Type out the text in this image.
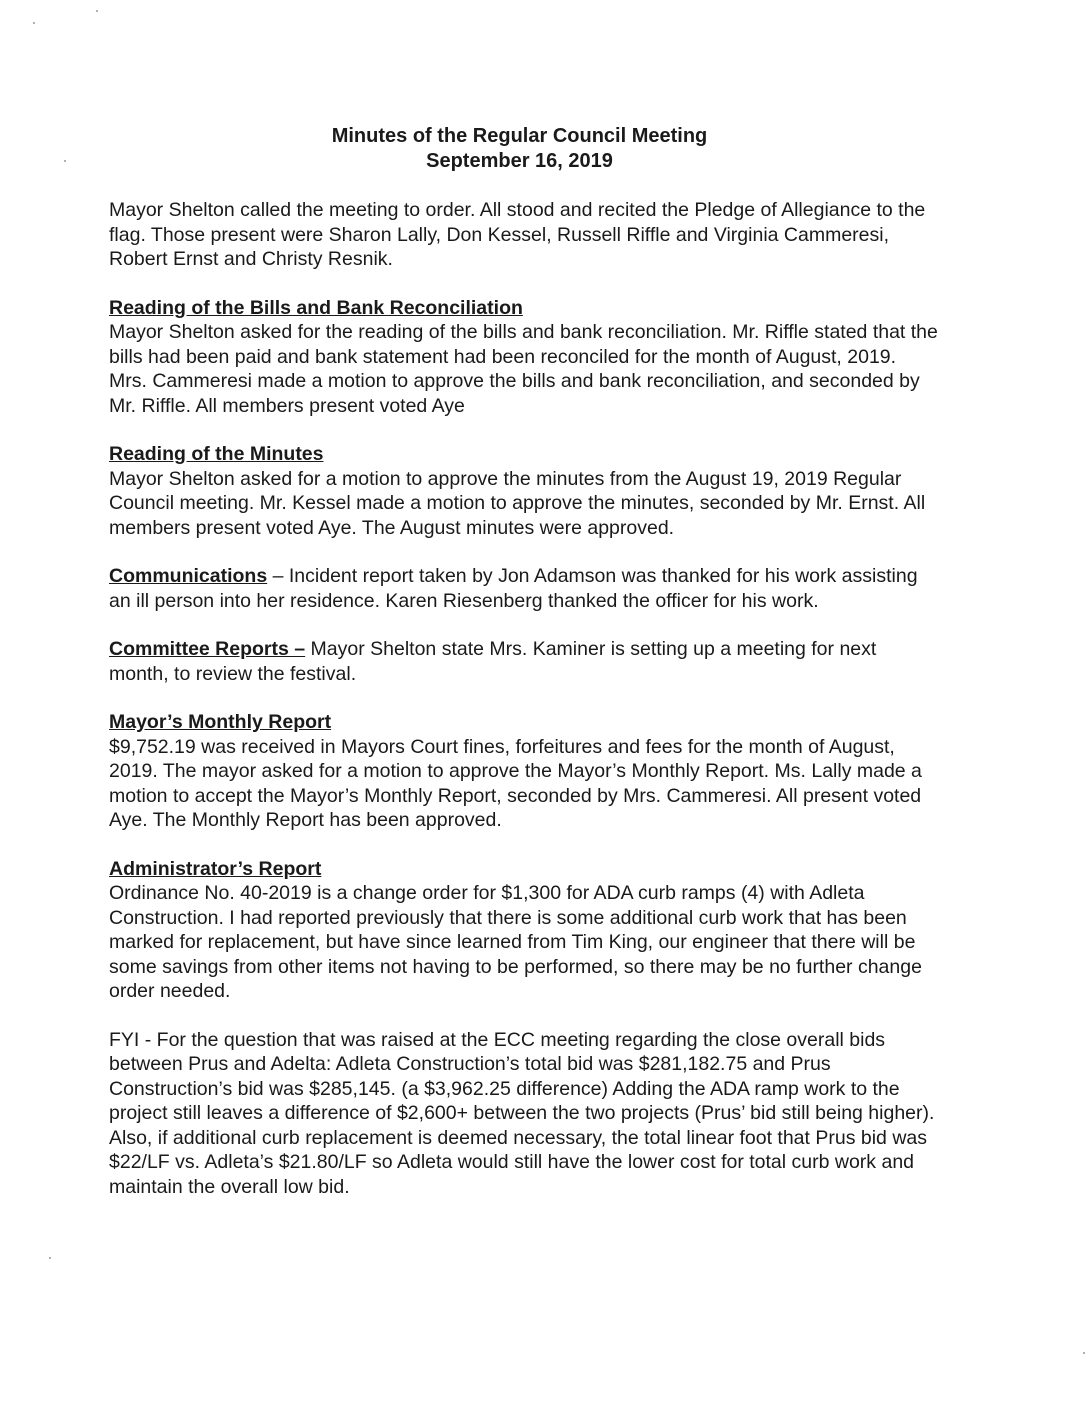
Minutes of the Regular Council Meeting
September 16, 2019

Mayor Shelton called the meeting to order. All stood and recited the Pledge of Allegiance to the flag. Those present were Sharon Lally, Don Kessel, Russell Riffle and Virginia Cammeresi, Robert Ernst and Christy Resnik.

Reading of the Bills and Bank Reconciliation
Mayor Shelton asked for the reading of the bills and bank reconciliation. Mr. Riffle stated that the bills had been paid and bank statement had been reconciled for the month of August, 2019. Mrs. Cammeresi made a motion to approve the bills and bank reconciliation, and seconded by Mr. Riffle. All members present voted Aye
Reading of the Minutes
Mayor Shelton asked for a motion to approve the minutes from the August 19, 2019 Regular Council meeting. Mr. Kessel made a motion to approve the minutes, seconded by Mr. Ernst. All members present voted Aye. The August minutes were approved.
Communications – Incident report taken by Jon Adamson was thanked for his work assisting an ill person into her residence. Karen Riesenberg thanked the officer for his work.
Committee Reports – Mayor Shelton state Mrs. Kaminer is setting up a meeting for next month, to review the festival.
Mayor’s Monthly Report
$9,752.19 was received in Mayors Court fines, forfeitures and fees for the month of August, 2019. The mayor asked for a motion to approve the Mayor’s Monthly Report. Ms. Lally made a motion to accept the Mayor’s Monthly Report, seconded by Mrs. Cammeresi. All present voted Aye. The Monthly Report has been approved.
Administrator’s Report
Ordinance No. 40-2019 is a change order for $1,300 for ADA curb ramps (4) with Adleta Construction. I had reported previously that there is some additional curb work that has been marked for replacement, but have since learned from Tim King, our engineer that there will be some savings from other items not having to be performed, so there may be no further change order needed.

FYI - For the question that was raised at the ECC meeting regarding the close overall bids between Prus and Adelta: Adleta Construction’s total bid was $281,182.75 and Prus Construction’s bid was $285,145. (a $3,962.25 difference) Adding the ADA ramp work to the project still leaves a difference of $2,600+ between the two projects (Prus’ bid still being higher). Also, if additional curb replacement is deemed necessary, the total linear foot that Prus bid was $22/LF vs. Adleta’s $21.80/LF so Adleta would still have the lower cost for total curb work and maintain the overall low bid.
